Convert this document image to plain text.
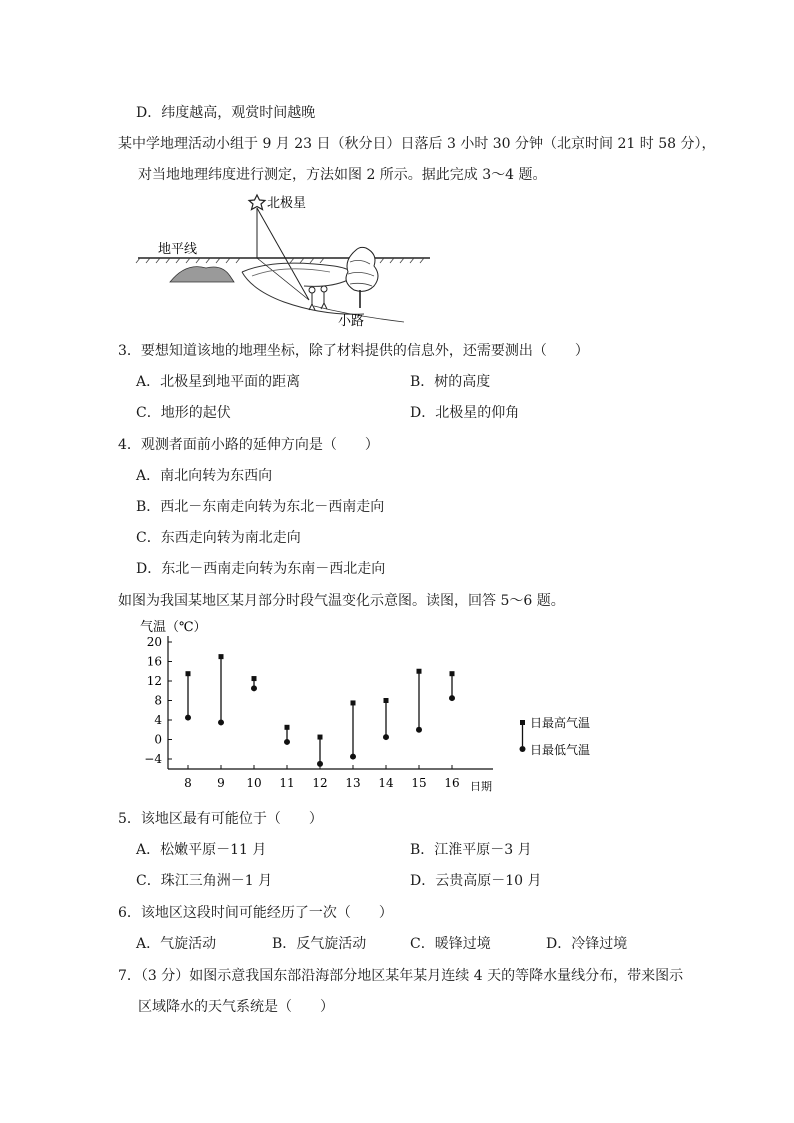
D．纬度越高，观赏时间越晚
某中学地理活动小组于 9 月 23 日（秋分日）日落后 3 小时 30 分钟（北京时间 21 时 58 分），
对当地地理纬度进行测定，方法如图 2 所示。据此完成 3～4 题。
北极星
地平线
小路
3．要想知道该地的地理坐标，除了材料提供的信息外，还需要测出（　　）
A．北极星到地平面的距离	B．树的高度
C．地形的起伏	D．北极星的仰角
4．观测者面前小路的延伸方向是（　　）
A．南北向转为东西向
B．西北－东南走向转为东北－西南走向
C．东西走向转为南北走向
D．东北－西南走向转为东南－西北走向
如图为我国某地区某月部分时段气温变化示意图。读图，回答 5～6 题。
气温（℃）
日期
−4
0
4
8
12
16
20
8 9 10 11 12 13 14 15 16
日最高气温
日最低气温
5．该地区最有可能位于（　　）
A．松嫩平原－11 月	B．江淮平原－3 月
C．珠江三角洲－1 月	D．云贵高原－10 月
6．该地区这段时间可能经历了一次（　　）
A．气旋活动	B．反气旋活动	C．暖锋过境	D．冷锋过境
7．（3 分）如图示意我国东部沿海部分地区某年某月连续 4 天的等降水量线分布，带来图示
区域降水的天气系统是（　　）
